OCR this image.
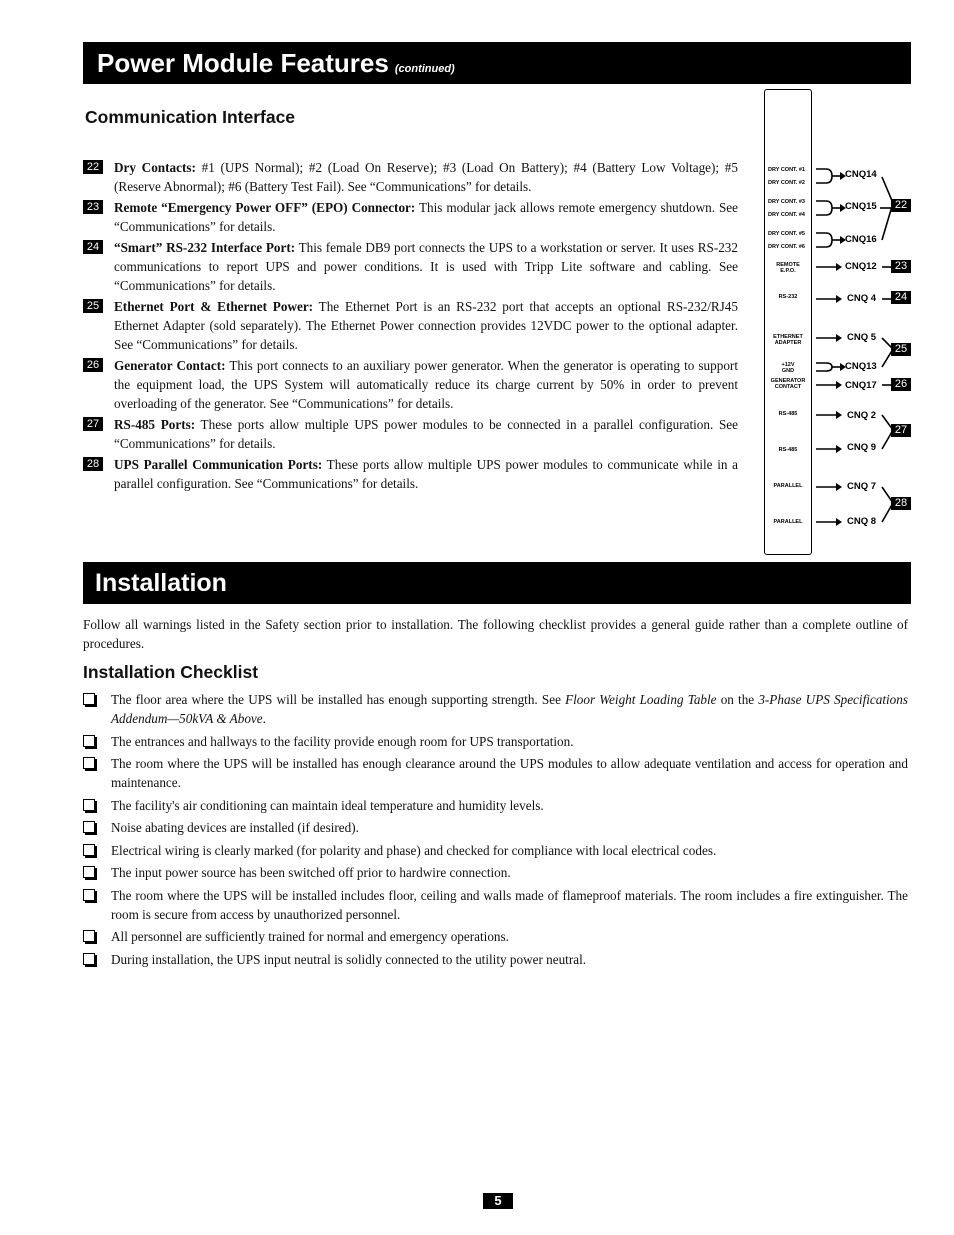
Power Module Features (continued)
Communication Interface
22 Dry Contacts: #1 (UPS Normal); #2 (Load On Reserve); #3 (Load On Battery); #4 (Battery Low Voltage); #5 (Reserve Abnormal); #6 (Battery Test Fail). See “Communications” for details.
23 Remote “Emergency Power OFF” (EPO) Connector: This modular jack allows remote emergency shutdown. See “Communications” for details.
24 “Smart” RS-232 Interface Port: This female DB9 port connects the UPS to a workstation or server. It uses RS-232 communications to report UPS and power conditions. It is used with Tripp Lite software and cabling. See “Communications” for details.
25 Ethernet Port & Ethernet Power: The Ethernet Port is an RS-232 port that accepts an optional RS-232/RJ45 Ethernet Adapter (sold separately). The Ethernet Power connection provides 12VDC power to the optional adapter. See “Communications” for details.
26 Generator Contact: This port connects to an auxiliary power generator. When the generator is operating to support the equipment load, the UPS System will automatically reduce its charge current by 50% in order to prevent overloading of the generator. See “Communications” for details.
27 RS-485 Ports: These ports allow multiple UPS power modules to be connected in a parallel configuration. See “Communications” for details.
28 UPS Parallel Communication Ports: These ports allow multiple UPS power modules to communicate while in a parallel configuration. See “Communications” for details.
DRY CONT. #1
DRY CONT. #2
DRY CONT. #3
DRY CONT. #4
DRY CONT. #5
DRY CONT. #6
REMOTE
E.P.O.
RS-232
ETHERNET
ADAPTER
+12V
GND
GENERATOR
CONTACT
RS-485
RS-485
PARALLEL
PARALLEL
CNQ14
CNQ15
CNQ16
CNQ12
CNQ 4
CNQ 5
CNQ13
CNQ17
CNQ 2
CNQ 9
CNQ 7
CNQ 8
22
23
24
25
26
27
28
Installation
Follow all warnings listed in the Safety section prior to installation. The following checklist provides a general guide rather than a complete outline of procedures.
Installation Checklist
The floor area where the UPS will be installed has enough supporting strength. See Floor Weight Loading Table on the 3-Phase UPS Specifications Addendum—50kVA & Above.
The entrances and hallways to the facility provide enough room for UPS transportation.
The room where the UPS will be installed has enough clearance around the UPS modules to allow adequate ventilation and access for operation and maintenance.
The facility's air conditioning can maintain ideal temperature and humidity levels.
Noise abating devices are installed (if desired).
Electrical wiring is clearly marked (for polarity and phase) and checked for compliance with local electrical codes.
The input power source has been switched off prior to hardwire connection.
The room where the UPS will be installed includes floor, ceiling and walls made of flameproof materials. The room includes a fire extinguisher. The room is secure from access by unauthorized personnel.
All personnel are sufficiently trained for normal and emergency operations.
During installation, the UPS input neutral is solidly connected to the utility power neutral.
5
